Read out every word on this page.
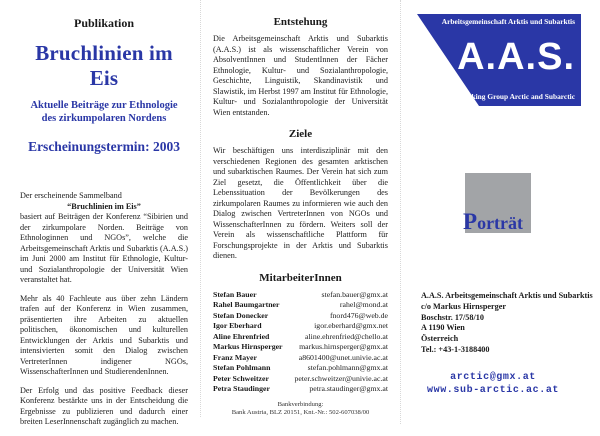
Publikation
Bruchlinien im Eis
Aktuelle Beiträge zur Ethnologie
des zirkumpolaren Nordens
Erscheinungstermin: 2003
Der erscheinende Sammelband
“Bruchlinien im Eis”
basiert auf Beiträgen der Konferenz “Sibirien und der zirkumpolare Norden. Beiträge von Ethnologinnen und NGOs”, welche die Arbeitsgemeinschaft Arktis und Subarktis (A.A.S.) im Juni 2000 am Institut für Ethnologie, Kultur- und Sozialanthropologie der Universität Wien veranstaltet hat.
Mehr als 40 Fachleute aus über zehn Ländern trafen auf der Konferenz in Wien zusammen, präsentierten ihre Arbeiten zu aktuellen politischen, ökonomischen und kulturellen Entwicklungen der Arktis und Subarktis und intensivierten somit den Dialog zwischen VertreterInnen indigener NGOs, WissenschafterInnen und StudierendenInnen.
Der Erfolg und das positive Feedback dieser Konferenz bestärkte uns in der Entscheidung die Ergebnisse zu publizieren und dadurch einer breiten LeserInnenschaft zugänglich zu machen.
Entstehung
Die Arbeitsgemeinschaft Arktis und Subarktis (A.A.S.) ist als wissenschaftlicher Verein von AbsolventInnen und StudentInnen der Fächer Ethnologie, Kultur- und Sozialanthropologie, Geschichte, Linguistik, Skandinavistik und Slawistik, im Herbst 1997 am Institut für Ethnologie, Kultur- und Sozialanthropologie der Universität Wien entstanden.
Ziele
Wir beschäftigen uns interdisziplinär mit den verschiedenen Regionen des gesamten arktischen und subarktischen Raumes. Der Verein hat sich zum Ziel gesetzt, die Öffentlichkeit über die Lebenssituation der Bevölkerungen des zirkumpolaren Raumes zu informieren wie auch den Dialog zwischen VertreterInnen von NGOs und WissenschafterInnen zu fördern. Weiters soll der Verein als wissenschaftliche Plattform für Forschungsprojekte in der Arktis und Subarktis dienen.
MitarbeiterInnen
Stefan Bauer	stefan.bauer@gmx.at
Rahel Baumgartner	rahel@mond.at
Stefan Donecker	fnord476@web.de
Igor Eberhard	igor.eberhard@gmx.net
Aline Ehrenfried	aline.ehrenfried@chello.at
Markus Hirnsperger	markus.hirnsperger@gmx.at
Franz Mayer	a8601400@unet.univie.ac.at
Stefan Pohlmann	stefan.pohlmann@gmx.at
Peter Schweitzer	peter.schweitzer@univie.ac.at
Petra Staudinger	petra.staudinger@gmx.at
Bankverbindung:
Bank Austria, BLZ 20151, Knt.-Nr.: 502-607038/00
Arbeitsgemeinschaft Arktis und Subarktis
A.A.S.
Working Group Arctic and Subarctic
Porträt
A.A.S. Arbeitsgemeinschaft Arktis und Subarktis
c/o Markus Hirnsperger
Boschstr. 17/58/10
A 1190 Wien
Österreich
Tel.: +43-1-3188400
arctic@gmx.at
www.sub-arctic.ac.at
